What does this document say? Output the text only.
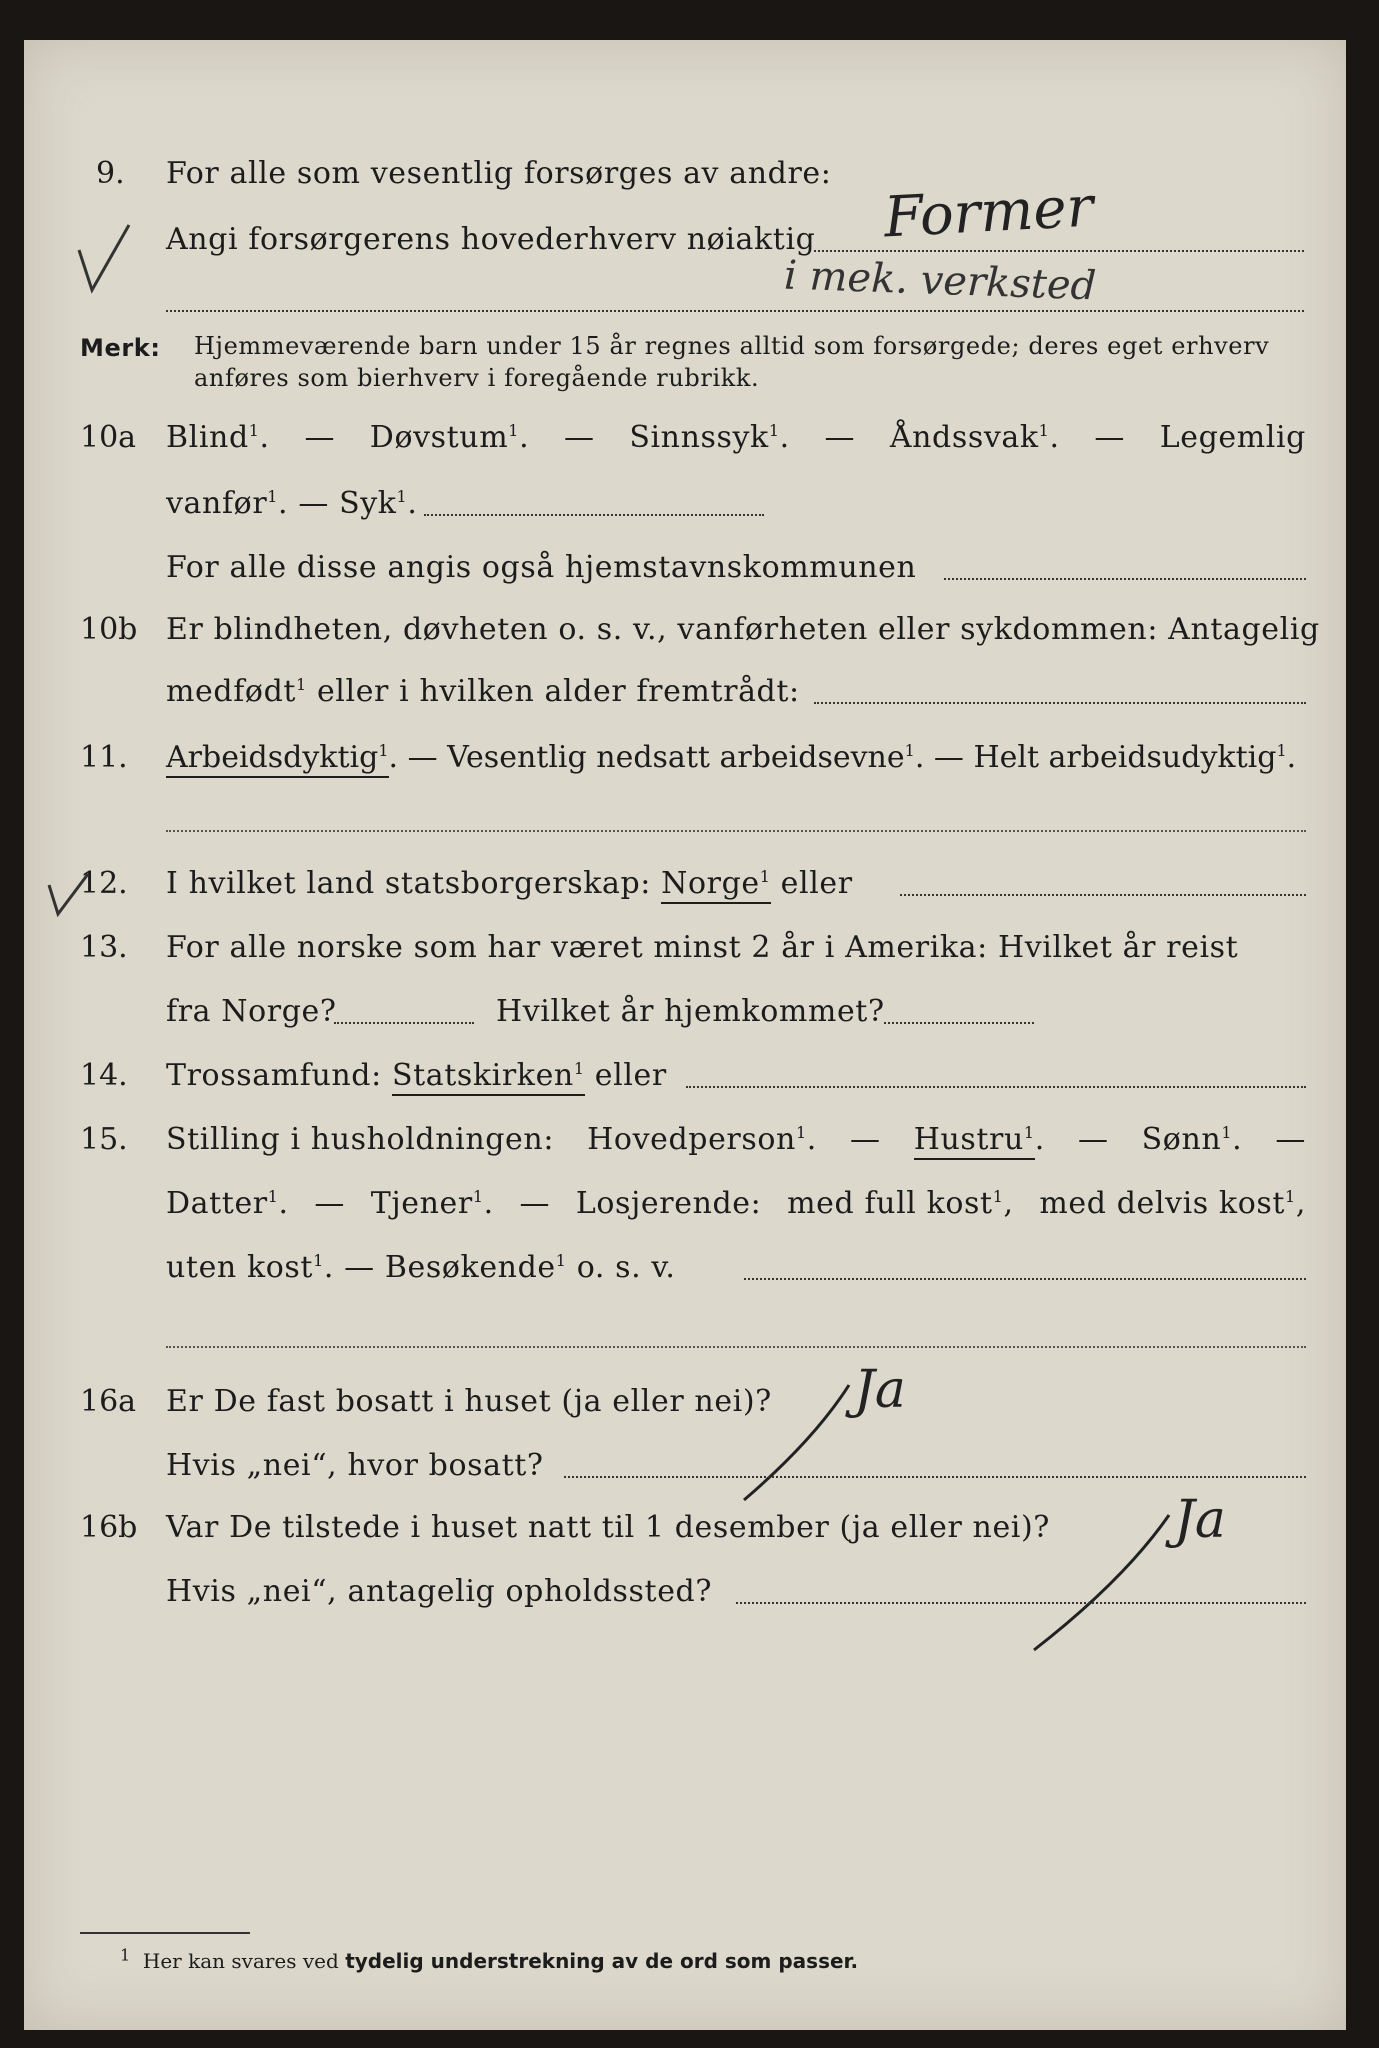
9. For alle som vesentlig forsørges av andre:
Angi forsørgerens hovederhverv nøiaktig Former
i mek. verksted
Merk: Hjemmeværende barn under 15 år regnes alltid som forsørgede; deres eget erhverv
anføres som bierhverv i foregående rubrikk.
10a Blind$^1$. — Døvstum$^1$. — Sinnssyk$^1$. — Åndssvak$^1$. — Legemlig
vanfør$^1$. — Syk$^1$.
For alle disse angis også hjemstavnskommunen
10b Er blindheten, døvheten o. s. v., vanførheten eller sykdommen: Antagelig
medfødt$^1$ eller i hvilken alder fremtrådt:
11. Arbeidsdyktig$^1$. — Vesentlig nedsatt arbeidsevne$^1$. — Helt arbeidsudyktig$^1$.
12. I hvilket land statsborgerskap: Norge$^1$ eller
13. For alle norske som har været minst 2 år i Amerika: Hvilket år reist
fra Norge?	Hvilket år hjemkommet?
14. Trossamfund: Statskirken$^1$ eller
15. Stilling i husholdningen: Hovedperson$^1$. — Hustru$^1$. — Sønn$^1$. —
Datter$^1$. — Tjener$^1$. — Losjerende: med full kost$^1$, med delvis kost$^1$,
uten kost$^1$. — Besøkende$^1$ o. s. v.
16a Er De fast bosatt i huset (ja eller nei)? Ja
Hvis „nei“, hvor bosatt?
16b Var De tilstede i huset natt til 1 desember (ja eller nei)? Ja
Hvis „nei“, antagelig opholdssted?
$^1$ Her kan svares ved tydelig understrekning av de ord som passer.
